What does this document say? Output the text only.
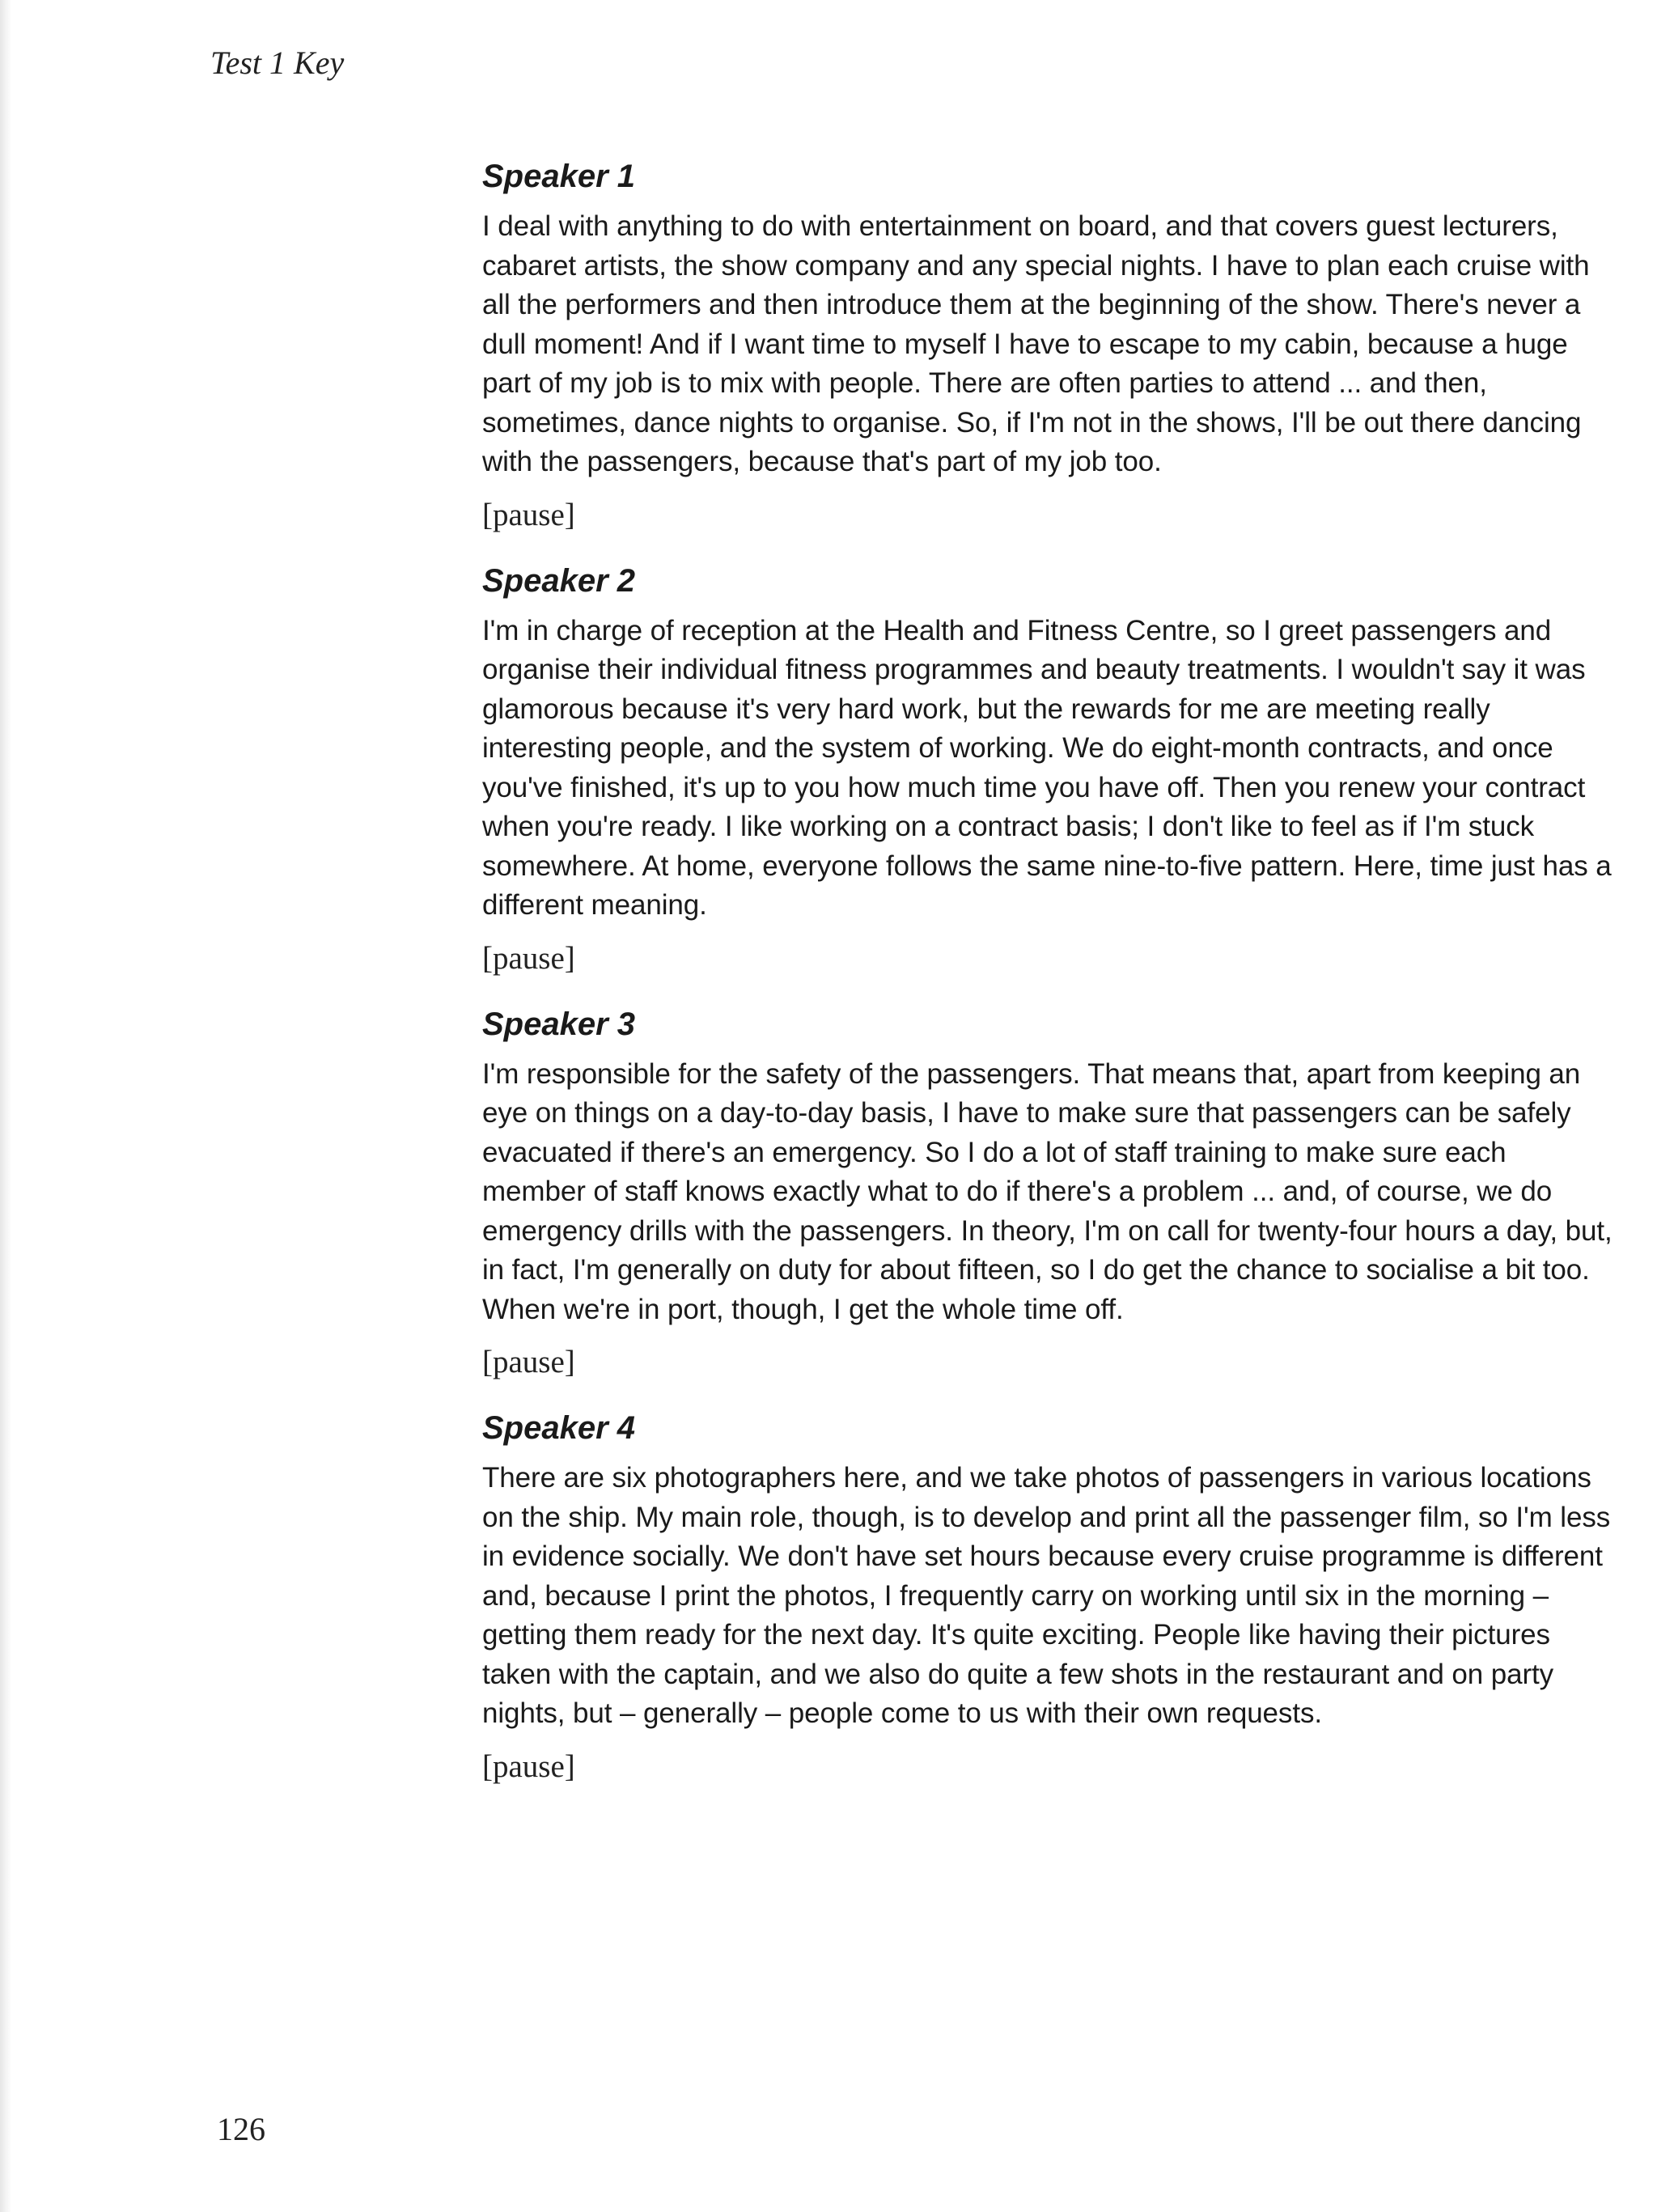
Test 1 Key

Speaker 1

I deal with anything to do with entertainment on board, and that covers guest lecturers, cabaret artists, the show company and any special nights. I have to plan each cruise with all the performers and then introduce them at the beginning of the show. There's never a dull moment! And if I want time to myself I have to escape to my cabin, because a huge part of my job is to mix with people. There are often parties to attend ... and then, sometimes, dance nights to organise. So, if I'm not in the shows, I'll be out there dancing with the passengers, because that's part of my job too.

[pause]

Speaker 2

I'm in charge of reception at the Health and Fitness Centre, so I greet passengers and organise their individual fitness programmes and beauty treatments. I wouldn't say it was glamorous because it's very hard work, but the rewards for me are meeting really interesting people, and the system of working. We do eight-month contracts, and once you've finished, it's up to you how much time you have off. Then you renew your contract when you're ready. I like working on a contract basis; I don't like to feel as if I'm stuck somewhere. At home, everyone follows the same nine-to-five pattern. Here, time just has a different meaning.

[pause]

Speaker 3

I'm responsible for the safety of the passengers. That means that, apart from keeping an eye on things on a day-to-day basis, I have to make sure that passengers can be safely evacuated if there's an emergency. So I do a lot of staff training to make sure each member of staff knows exactly what to do if there's a problem ... and, of course, we do emergency drills with the passengers. In theory, I'm on call for twenty-four hours a day, but, in fact, I'm generally on duty for about fifteen, so I do get the chance to socialise a bit too. When we're in port, though, I get the whole time off.

[pause]

Speaker 4

There are six photographers here, and we take photos of passengers in various locations on the ship. My main role, though, is to develop and print all the passenger film, so I'm less in evidence socially. We don't have set hours because every cruise programme is different and, because I print the photos, I frequently carry on working until six in the morning – getting them ready for the next day. It's quite exciting. People like having their pictures taken with the captain, and we also do quite a few shots in the restaurant and on party nights, but – generally – people come to us with their own requests.

[pause]

126
